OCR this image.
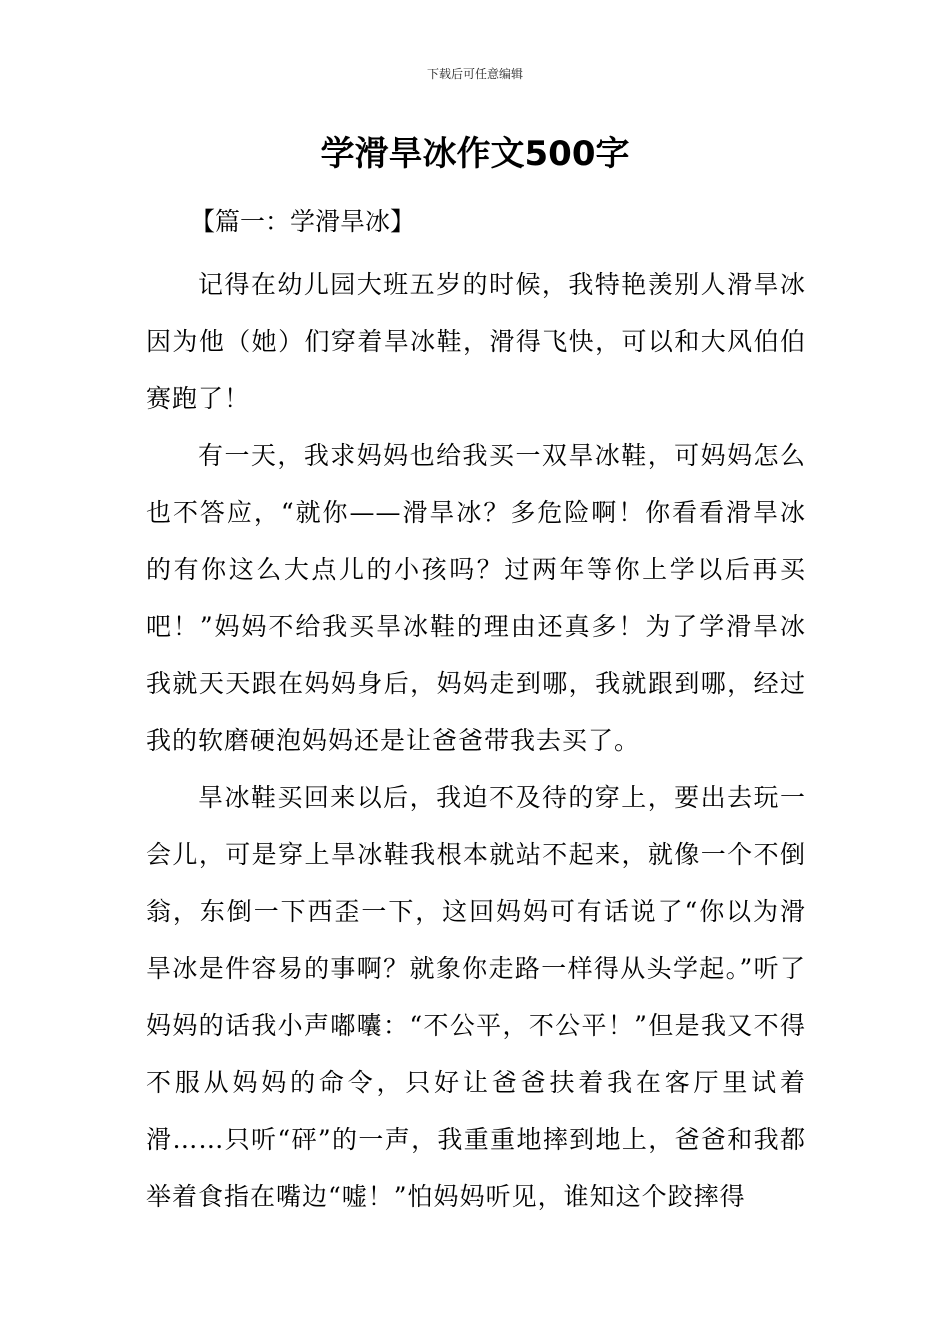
下载后可任意编辑
学滑旱冰作文500字
【篇一：学滑旱冰】

记得在幼儿园大班五岁的时候，我特艳羡别人滑旱冰因为他（她）们穿着旱冰鞋，滑得飞快，可以和大风伯伯赛跑了！

有一天，我求妈妈也给我买一双旱冰鞋，可妈妈怎么也不答应，“就你——滑旱冰？多危险啊！你看看滑旱冰的有你这么大点儿的小孩吗？过两年等你上学以后再买吧！”妈妈不给我买旱冰鞋的理由还真多！为了学滑旱冰我就天天跟在妈妈身后，妈妈走到哪，我就跟到哪，经过我的软磨硬泡妈妈还是让爸爸带我去买了。

旱冰鞋买回来以后，我迫不及待的穿上，要出去玩一会儿，可是穿上旱冰鞋我根本就站不起来，就像一个不倒翁，东倒一下西歪一下，这回妈妈可有话说了“你以为滑旱冰是件容易的事啊？就象你走路一样得从头学起。”听了妈妈的话我小声嘟囔：“不公平，不公平！”但是我又不得不服从妈妈的命令，只好让爸爸扶着我在客厅里试着滑……只听“砰”的一声，我重重地摔到地上，爸爸和我都举着食指在嘴边“嘘！”怕妈妈听见，谁知这个跤摔得
